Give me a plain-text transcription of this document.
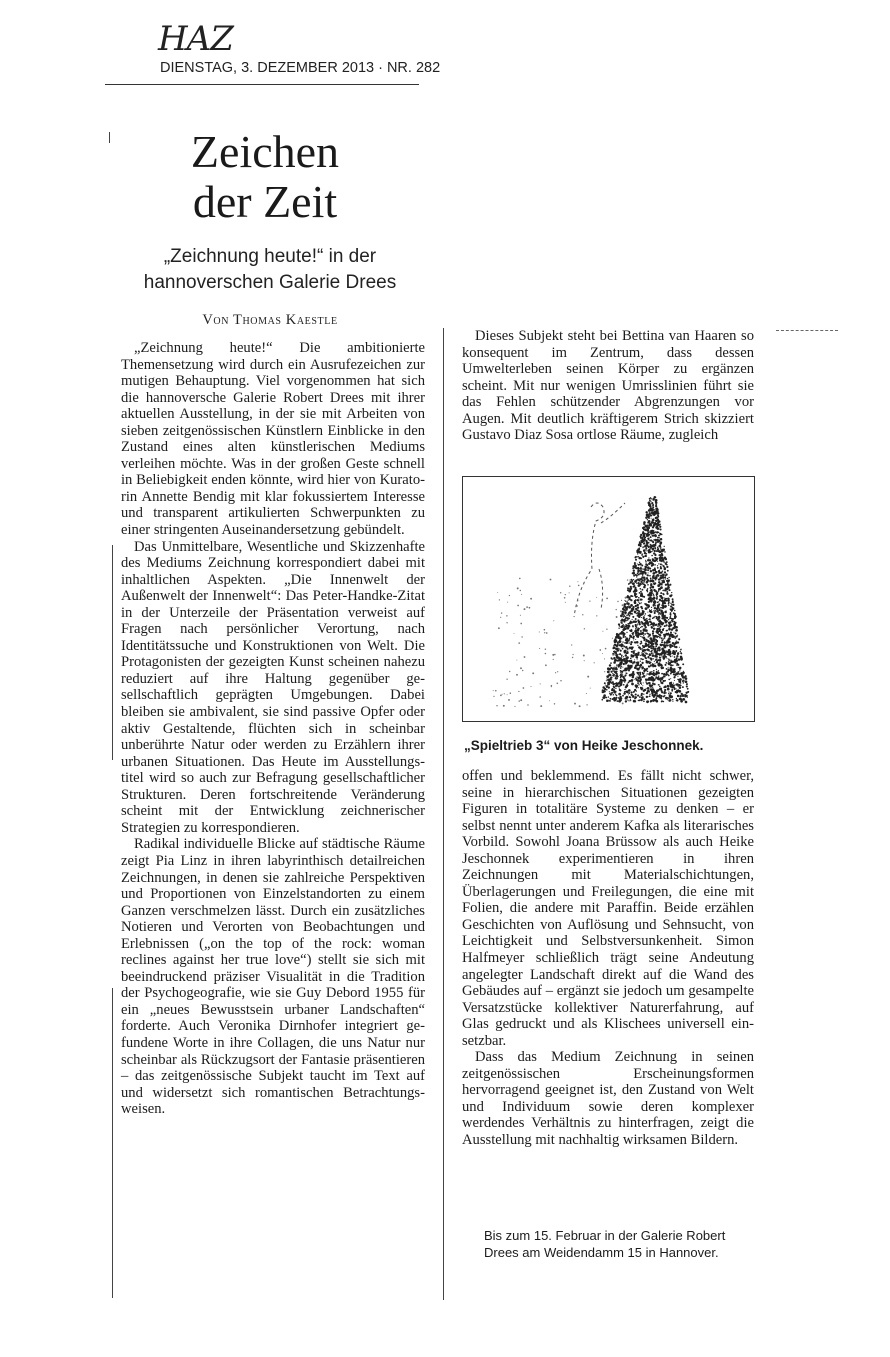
HAZ
DIENSTAG, 3. DEZEMBER 2013 · NR. 282
Zeichen
der Zeit
„Zeichnung heute!“ in der hannoverschen Galerie Drees
Von Thomas Kaestle

„Zeichnung heute!“ Die ambitionierte Themensetzung wird durch ein Ausrufezeichen zur mutigen Behauptung. Viel vorgenommen hat sich die hannoversche Galerie Robert Drees mit ihrer aktuellen Ausstellung, in der sie mit Arbeiten von sieben zeitgenössischen Künstlern Einblicke in den Zustand eines alten künstlerischen Mediums verleihen möchte. Was in der großen Geste schnell in Beliebigkeit enden könnte, wird hier von Kuratorin Annette Bendig mit klar fokussiertem Interesse und transparent artikulierten Schwerpunkten zu einer stringenten Auseinandersetzung gebündelt.

Das Unmittelbare, Wesentliche und Skizzenhafte des Mediums Zeichnung korrespondiert dabei mit inhaltlichen Aspekten. „Die Innenwelt der Außenwelt der Innenwelt“: Das Peter-Handke-Zitat in der Unterzeile der Präsentation verweist auf Fragen nach persönlicher Verortung, nach Identitätssuche und Konstruktionen von Welt. Die Protagonisten der gezeigten Kunst scheinen nahezu reduziert auf ihre Haltung gegenüber gesellschaftlich geprägten Umgebungen. Dabei bleiben sie ambivalent, sie sind passive Opfer oder aktiv Gestaltende, flüchten sich in scheinbar unberührte Natur oder werden zu Erzählern ihrer urbanen Situationen. Das Heute im Ausstellungstitel wird so auch zur Befragung gesellschaftlicher Strukturen. Deren fortschreitende Veränderung scheint mit der Entwicklung zeichnerischer Strategien zu korrespondieren.

Radikal individuelle Blicke auf städtische Räume zeigt Pia Linz in ihren labyrinthisch detailreichen Zeichnungen, in denen sie zahlreiche Perspektiven und Proportionen von Einzelstandorten zu einem Ganzen verschmelzen lässt. Durch ein zusätzliches Notieren und Verorten von Beobachtungen und Erlebnissen („on the top of the rock: woman reclines against her true love“) stellt sie sich mit beeindruckend präziser Visualität in die Tradition der Psychogeografie, wie sie Guy Debord 1955 für ein „neues Bewusstsein urbaner Landschaften“ forderte. Auch Veronika Dirnhofer integriert gefundene Worte in ihre Collagen, die uns Natur nur scheinbar als Rückzugsort der Fantasie präsentieren – das zeitgenössische Subjekt taucht im Text auf und widersetzt sich romantischen Betrachtungsweisen.

Dieses Subjekt steht bei Bettina van Haaren so konsequent im Zentrum, dass dessen Umwelterleben seinen Körper zu ergänzen scheint. Mit nur wenigen Umrisslinien führt sie das Fehlen schützender Abgrenzungen vor Augen. Mit deutlich kräftigerem Strich skizziert Gustavo Diaz Sosa ortlose Räume, zugleich

„Spieltrieb 3“ von Heike Jeschonnek.

offen und beklemmend. Es fällt nicht schwer, seine in hierarchischen Situationen gezeigten Figuren in totalitäre Systeme zu denken – er selbst nennt unter anderem Kafka als literarisches Vorbild. Sowohl Joana Brüssow als auch Heike Jeschonnek experimentieren in ihren Zeichnungen mit Materialschichtungen, Überlagerungen und Freilegungen, die eine mit Folien, die andere mit Paraffin. Beide erzählen Geschichten von Auflösung und Sehnsucht, von Leichtigkeit und Selbstversunkenheit. Simon Halfmeyer schließlich trägt seine Andeutung angelegter Landschaft direkt auf die Wand des Gebäudes auf – ergänzt sie jedoch um gesampelte Versatzstücke kollektiver Naturerfahrung, auf Glas gedruckt und als Klischees universell einsetzbar.

Dass das Medium Zeichnung in seinen zeitgenössischen Erscheinungsformen hervorragend geeignet ist, den Zustand von Welt und Individuum sowie deren komplexer werdendes Verhältnis zu hinterfragen, zeigt die Ausstellung mit nachhaltig wirksamen Bildern.

Bis zum 15. Februar in der Galerie Robert Drees am Weidendamm 15 in Hannover.
